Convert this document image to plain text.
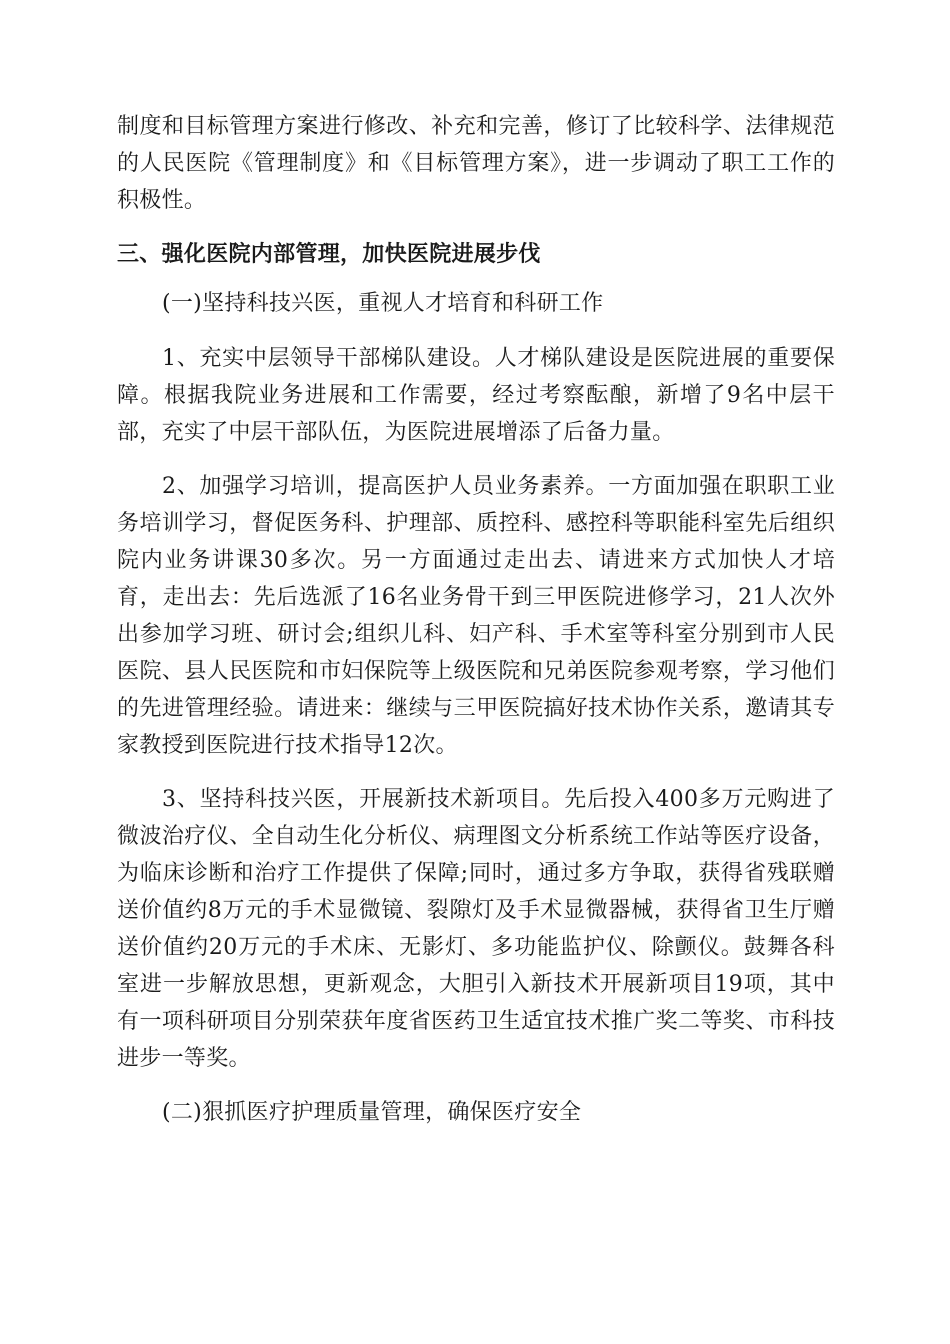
制度和目标管理方案进行修改、补充和完善，修订了比较科学、法律规范的人民医院《管理制度》和《目标管理方案》，进一步调动了职工工作的积极性。

三、强化医院内部管理，加快医院进展步伐

(一)坚持科技兴医，重视人才培育和科研工作

1、充实中层领导干部梯队建设。人才梯队建设是医院进展的重要保障。根据我院业务进展和工作需要，经过考察酝酿，新增了9名中层干部，充实了中层干部队伍，为医院进展增添了后备力量。

2、加强学习培训，提高医护人员业务素养。一方面加强在职职工业务培训学习，督促医务科、护理部、质控科、感控科等职能科室先后组织院内业务讲课30多次。另一方面通过走出去、请进来方式加快人才培育，走出去：先后选派了16名业务骨干到三甲医院进修学习，21人次外出参加学习班、研讨会;组织儿科、妇产科、手术室等科室分别到市人民医院、县人民医院和市妇保院等上级医院和兄弟医院参观考察，学习他们的先进管理经验。请进来：继续与三甲医院搞好技术协作关系，邀请其专家教授到医院进行技术指导12次。

3、坚持科技兴医，开展新技术新项目。先后投入400多万元购进了微波治疗仪、全自动生化分析仪、病理图文分析系统工作站等医疗设备，为临床诊断和治疗工作提供了保障;同时，通过多方争取，获得省残联赠送价值约8万元的手术显微镜、裂隙灯及手术显微器械，获得省卫生厅赠送价值约20万元的手术床、无影灯、多功能监护仪、除颤仪。鼓舞各科室进一步解放思想，更新观念，大胆引入新技术开展新项目19项，其中有一项科研项目分别荣获年度省医药卫生适宜技术推广奖二等奖、市科技进步一等奖。

(二)狠抓医疗护理质量管理，确保医疗安全
